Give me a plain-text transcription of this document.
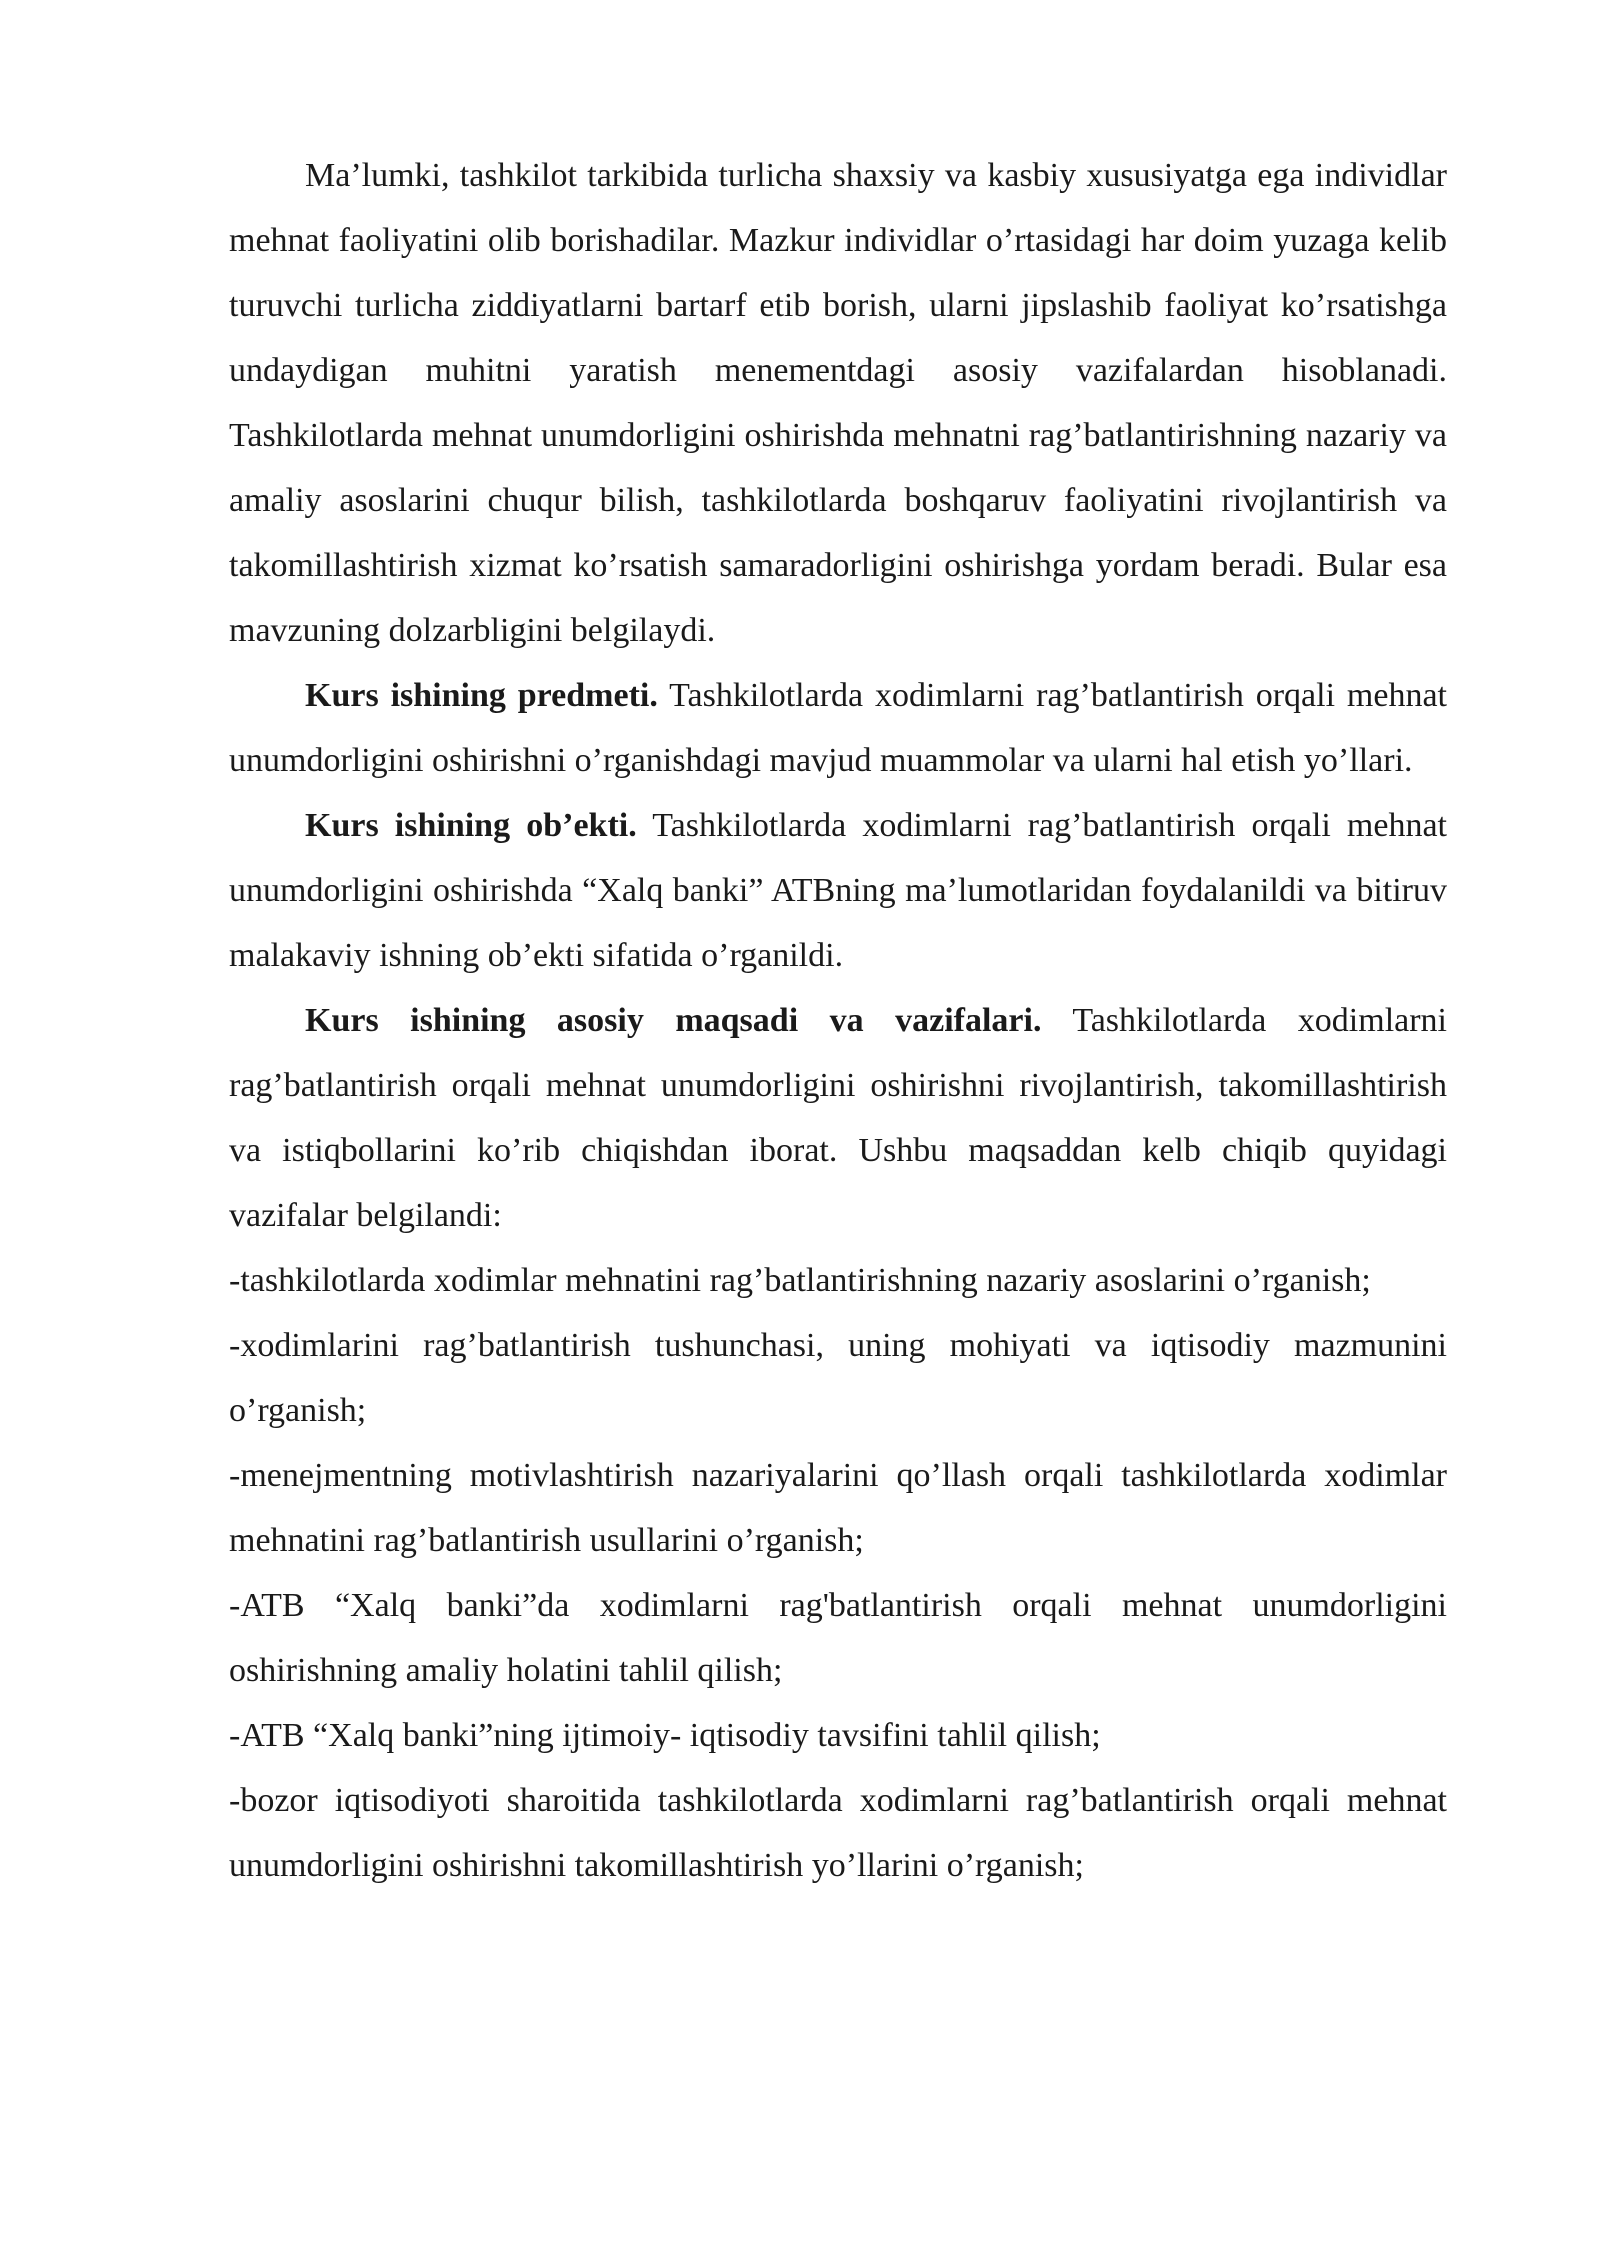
Ma’lumki, tashkilot tarkibida turlicha shaxsiy va kasbiy xususiyatga ega individlar mehnat faoliyatini olib borishadilar. Mazkur individlar o’rtasidagi har doim yuzaga kelib turuvchi turlicha ziddiyatlarni bartarf etib borish, ularni jipslashib faoliyat ko’rsatishga undaydigan muhitni yaratish menementdagi asosiy vazifalardan hisoblanadi. Tashkilotlarda mehnat unumdorligini oshirishda mehnatni rag’batlantirishning nazariy va amaliy asoslarini chuqur bilish, tashkilotlarda boshqaruv faoliyatini rivojlantirish va takomillashtirish xizmat ko’rsatish samaradorligini oshirishga yordam beradi. Bular esa mavzuning dolzarbligini belgilaydi.

Kurs ishining predmeti. Tashkilotlarda xodimlarni rag’batlantirish orqali mehnat unumdorligini oshirishni o’rganishdagi mavjud muammolar va ularni hal etish yo’llari.

Kurs ishining ob’ekti. Tashkilotlarda xodimlarni rag’batlantirish orqali mehnat unumdorligini oshirishda “Xalq banki” ATBning ma’lumotlaridan foydalanildi va bitiruv malakaviy ishning ob’ekti sifatida o’rganildi.

Kurs ishining asosiy maqsadi va vazifalari. Tashkilotlarda xodimlarni rag’batlantirish orqali mehnat unumdorligini oshirishni rivojlantirish, takomillashtirish va istiqbollarini ko’rib chiqishdan iborat. Ushbu maqsaddan kelb chiqib quyidagi vazifalar belgilandi:

-tashkilotlarda xodimlar mehnatini rag’batlantirishning nazariy asoslarini o’rganish;

-xodimlarini rag’batlantirish tushunchasi, uning mohiyati va iqtisodiy mazmunini o’rganish;

-menejmentning motivlashtirish nazariyalarini qo’llash orqali tashkilotlarda xodimlar mehnatini rag’batlantirish usullarini o’rganish;

-ATB “Xalq banki”da xodimlarni rag'batlantirish orqali mehnat unumdorligini oshirishning amaliy holatini tahlil qilish;

-ATB “Xalq banki”ning ijtimoiy- iqtisodiy tavsifini tahlil qilish;

-bozor iqtisodiyoti sharoitida tashkilotlarda xodimlarni rag’batlantirish orqali mehnat unumdorligini oshirishni takomillashtirish yo’llarini o’rganish;
